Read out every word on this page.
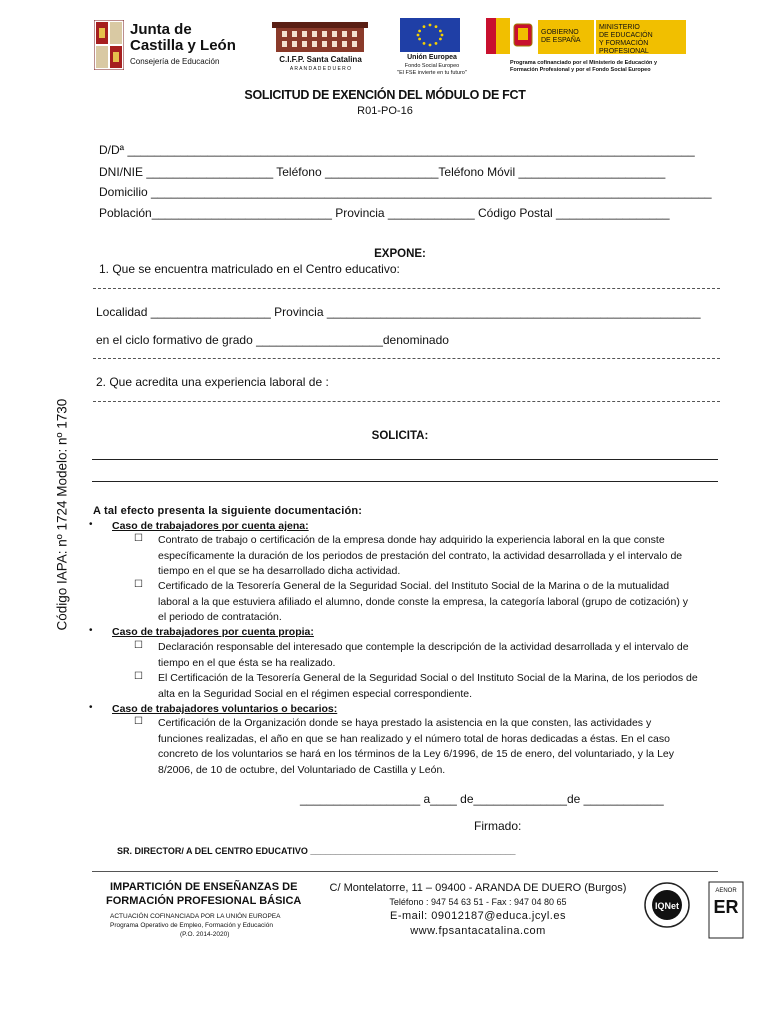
Junta de
Castilla y León
Consejería de Educación	C.I.F.P. Santa Catalina
A R A N D A D E D U E R O
Unión Europea
Fondo Social Europeo
"El FSE invierte en tu futuro"
GOBIERNO
DE ESPAÑA
MINISTERIO
DE EDUCACIÓN
Y FORMACIÓN PROFESIONAL
Programa cofinanciado por el Ministerio de Educación y Formación Profesional y por el Fondo Social Europeo
Código IAPA: nº 1724 Modelo: nº 1730
SOLICITUD DE EXENCIÓN DEL MÓDULO DE FCT
R01-PO-16
D/Dª _____________________________________________________________________________________
DNI/NIE ___________________ Teléfono _________________Teléfono Móvil ______________________
Domicilio ____________________________________________________________________________________
Población___________________________ Provincia _____________ Código Postal _________________
EXPONE:
1. Que se encuentra matriculado en el Centro educativo:
Localidad __________________ Provincia ________________________________________________________
en el ciclo formativo de grado ___________________denominado
2. Que acredita una experiencia laboral de :
SOLICITA:
A tal efecto presenta la siguiente documentación:
• Caso de trabajadores por cuenta ajena:
☐ Contrato de trabajo o certificación de la empresa donde hay adquirido la experiencia laboral en la que conste específicamente la duración de los periodos de prestación del contrato, la actividad desarrollada y el intervalo de tiempo en el que se ha desarrollado dicha actividad.
☐ Certificado de la Tesorería General de la Seguridad Social. del Instituto Social de la Marina o de la mutualidad laboral a la que estuviera afiliado el alumno, donde conste la empresa, la categoría laboral (grupo de cotización) y el periodo de contratación.
• Caso de trabajadores por cuenta propia:
☐ Declaración responsable del interesado que contemple la descripción de la actividad desarrollada y el intervalo de tiempo en el que ésta se ha realizado.
☐ El Certificación de la Tesorería General de la Seguridad Social o del Instituto Social de la Marina, de los periodos de alta en la Seguridad Social en el régimen especial correspondiente.
• Caso de trabajadores voluntarios o becarios:
☐ Certificación de la Organización donde se haya prestado la asistencia en la que consten, las actividades y funciones realizadas, el año en que se han realizado y el número total de horas dedicadas a éstas. En el caso concreto de los voluntarios se hará en los términos de la Ley 6/1996, de 15 de enero, del voluntariado, y la Ley 8/2006, de 10 de octubre, del Voluntariado de Castilla y León.
__________________ a____ de______________de ____________
Firmado:
SR. DIRECTOR/ A DEL CENTRO EDUCATIVO _________________________________________
IMPARTICIÓN DE ENSEÑANZAS DE
FORMACIÓN PROFESIONAL BÁSICA
ACTUACIÓN COFINANCIADA POR LA UNIÓN EUROPEA
Programa Operativo de Empleo, Formación y Educación
(P.O. 2014-2020)
C/ Montelatorre, 11 – 09400 - ARANDA DE DUERO (Burgos)
Teléfono : 947 54 63 51 - Fax : 947 04 80 65
E-mail: 09012187@educa.jcyl.es
www.fpsantacatalina.com
IQNet ER
AENOR
